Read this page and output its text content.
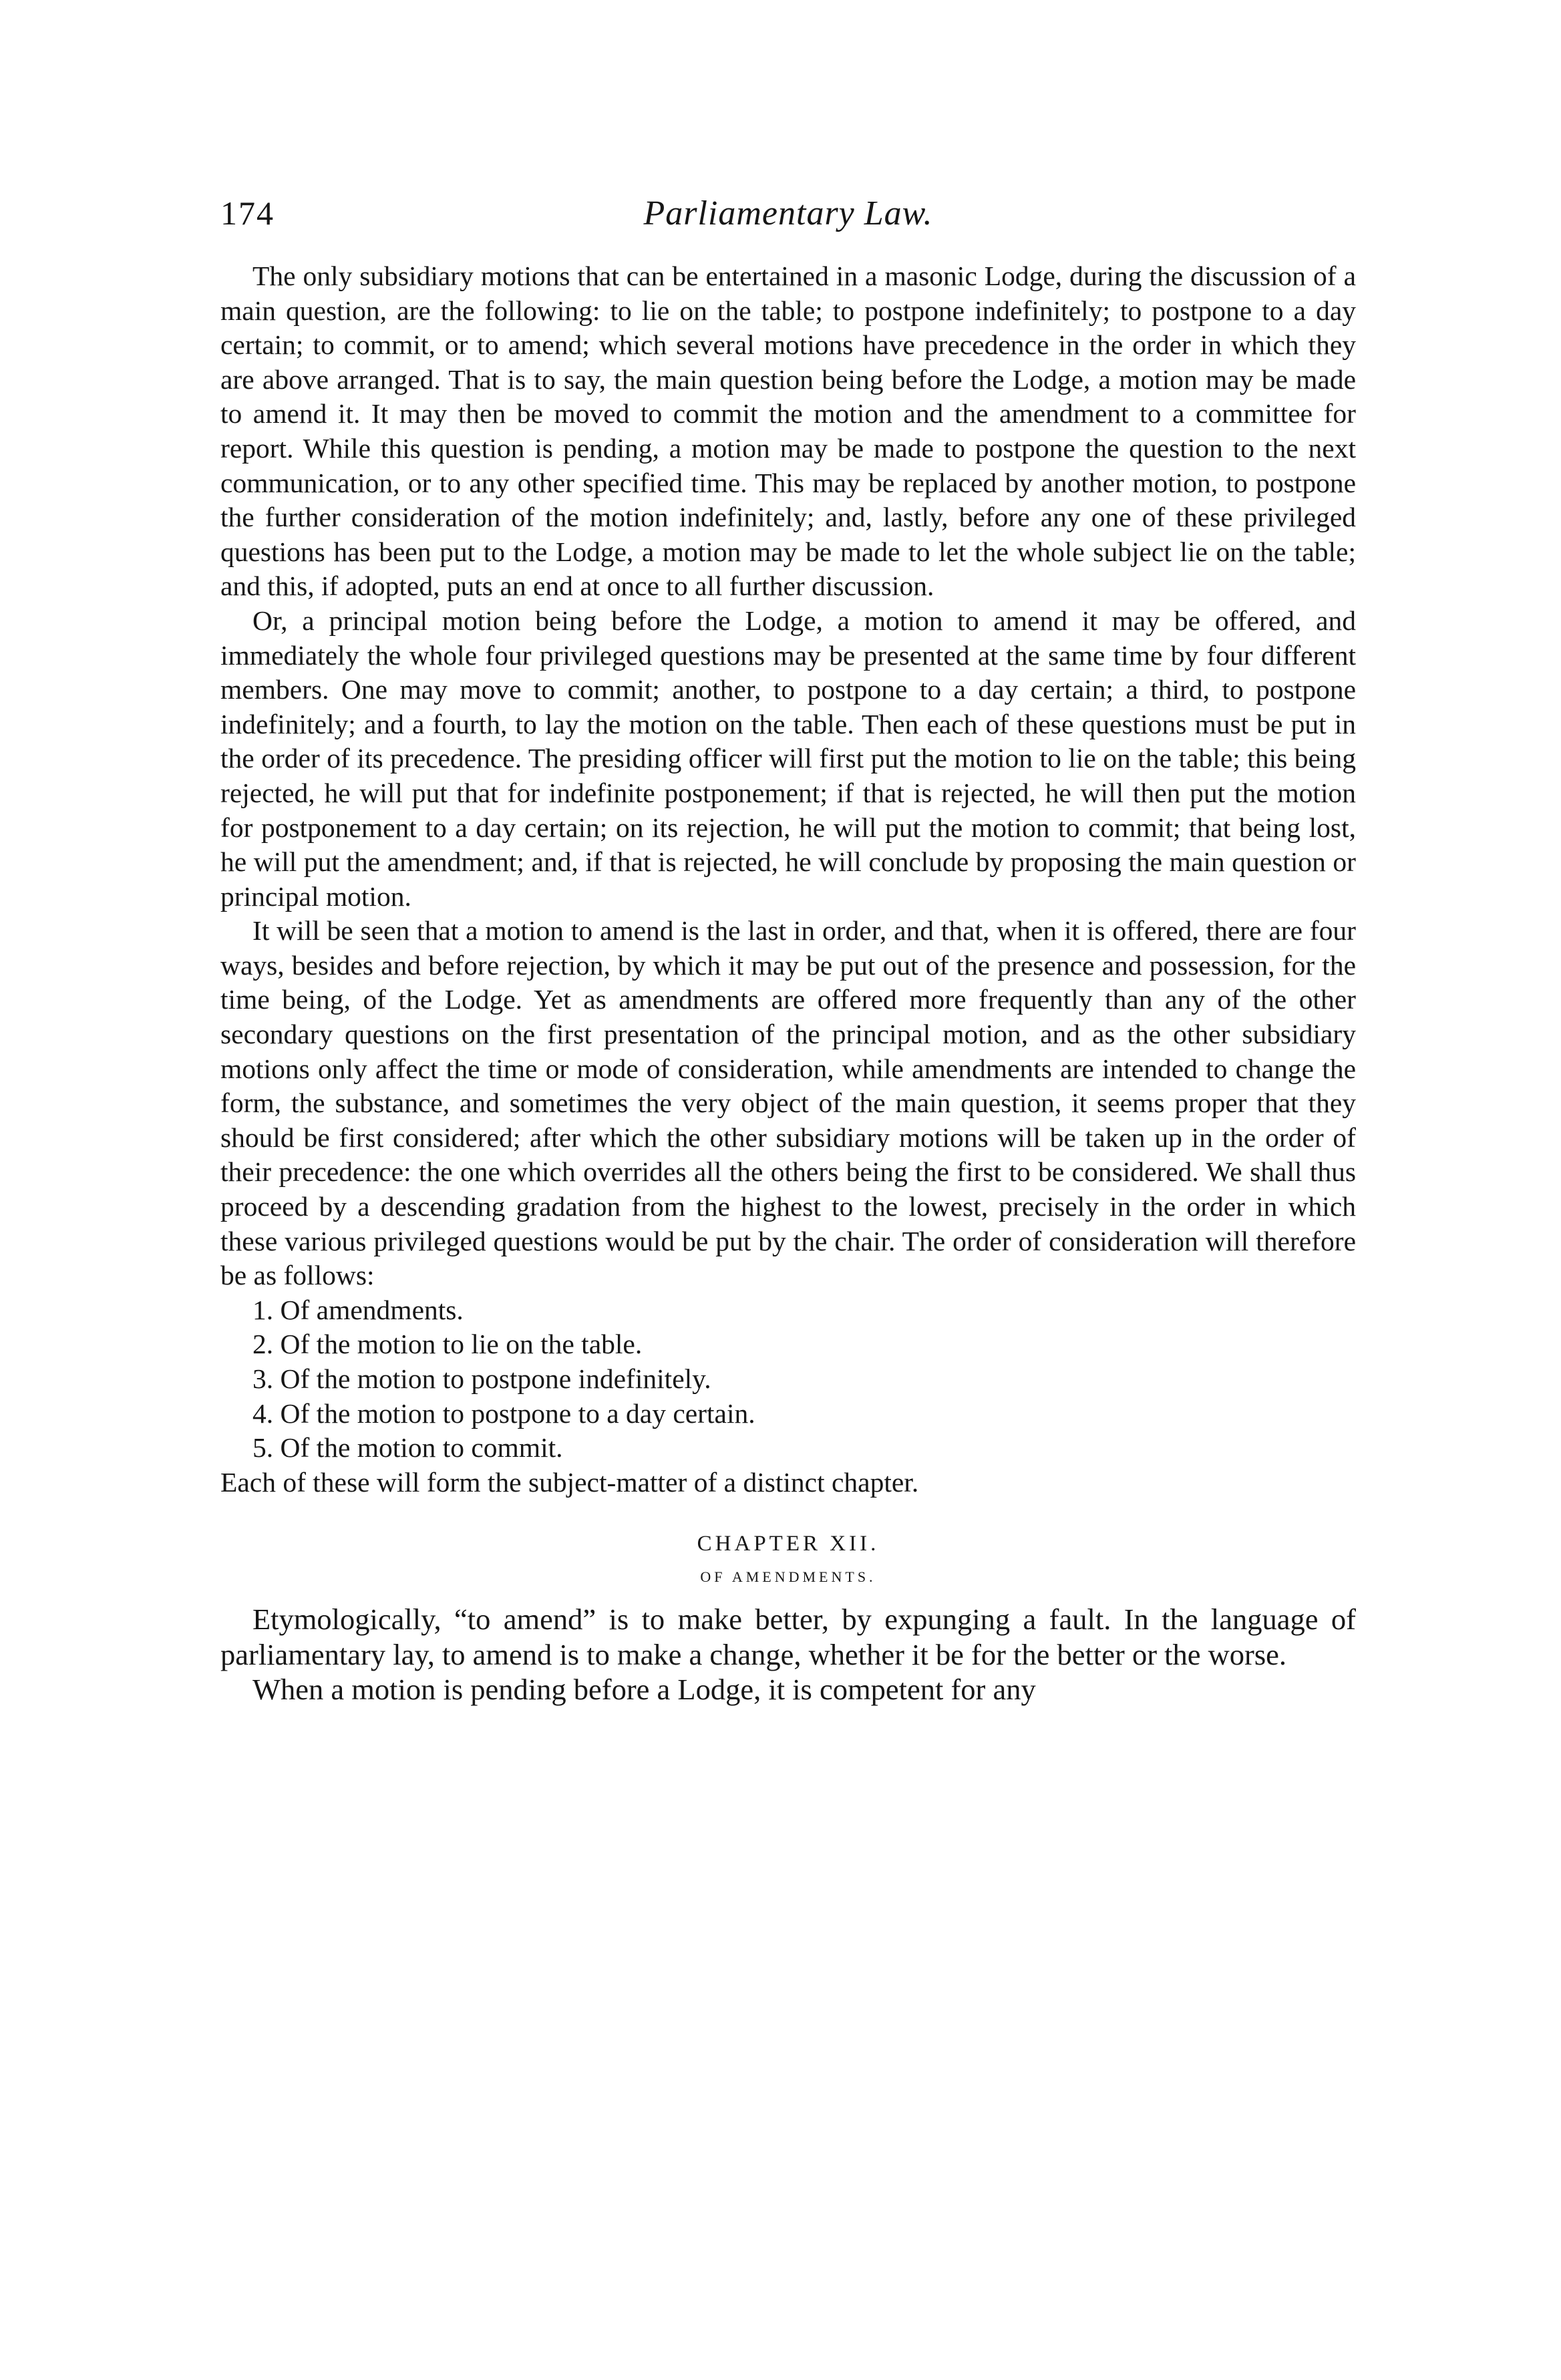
174	Parliamentary Law.

The only subsidiary motions that can be entertained in a masonic Lodge, during the discussion of a main question, are the following: to lie on the table; to postpone indefinitely; to postpone to a day certain; to commit, or to amend; which several motions have precedence in the order in which they are above arranged. That is to say, the main question being before the Lodge, a motion may be made to amend it. It may then be moved to commit the motion and the amendment to a committee for report. While this question is pending, a motion may be made to postpone the question to the next communication, or to any other specified time. This may be replaced by another motion, to postpone the further consideration of the motion indefinitely; and, lastly, before any one of these privileged questions has been put to the Lodge, a motion may be made to let the whole subject lie on the table; and this, if adopted, puts an end at once to all further discussion.

Or, a principal motion being before the Lodge, a motion to amend it may be offered, and immediately the whole four privileged questions may be presented at the same time by four different members. One may move to commit; another, to postpone to a day certain; a third, to postpone indefinitely; and a fourth, to lay the motion on the table. Then each of these questions must be put in the order of its precedence. The presiding officer will first put the motion to lie on the table; this being rejected, he will put that for indefinite postponement; if that is rejected, he will then put the motion for postponement to a day certain; on its rejection, he will put the motion to commit; that being lost, he will put the amendment; and, if that is rejected, he will conclude by proposing the main question or principal motion.

It will be seen that a motion to amend is the last in order, and that, when it is offered, there are four ways, besides and before rejection, by which it may be put out of the presence and possession, for the time being, of the Lodge. Yet as amendments are offered more frequently than any of the other secondary questions on the first presentation of the principal motion, and as the other subsidiary motions only affect the time or mode of consideration, while amendments are intended to change the form, the substance, and sometimes the very object of the main question, it seems proper that they should be first considered; after which the other subsidiary motions will be taken up in the order of their precedence: the one which overrides all the others being the first to be considered. We shall thus proceed by a descending gradation from the highest to the lowest, precisely in the order in which these various privileged questions would be put by the chair. The order of consideration will therefore be as follows:

1. Of amendments.
2. Of the motion to lie on the table.
3. Of the motion to postpone indefinitely.
4. Of the motion to postpone to a day certain.
5. Of the motion to commit.

Each of these will form the subject-matter of a distinct chapter.

CHAPTER XII.
OF AMENDMENTS.

Etymologically, “to amend” is to make better, by expunging a fault. In the language of parliamentary lay, to amend is to make a change, whether it be for the better or the worse.

When a motion is pending before a Lodge, it is competent for any
